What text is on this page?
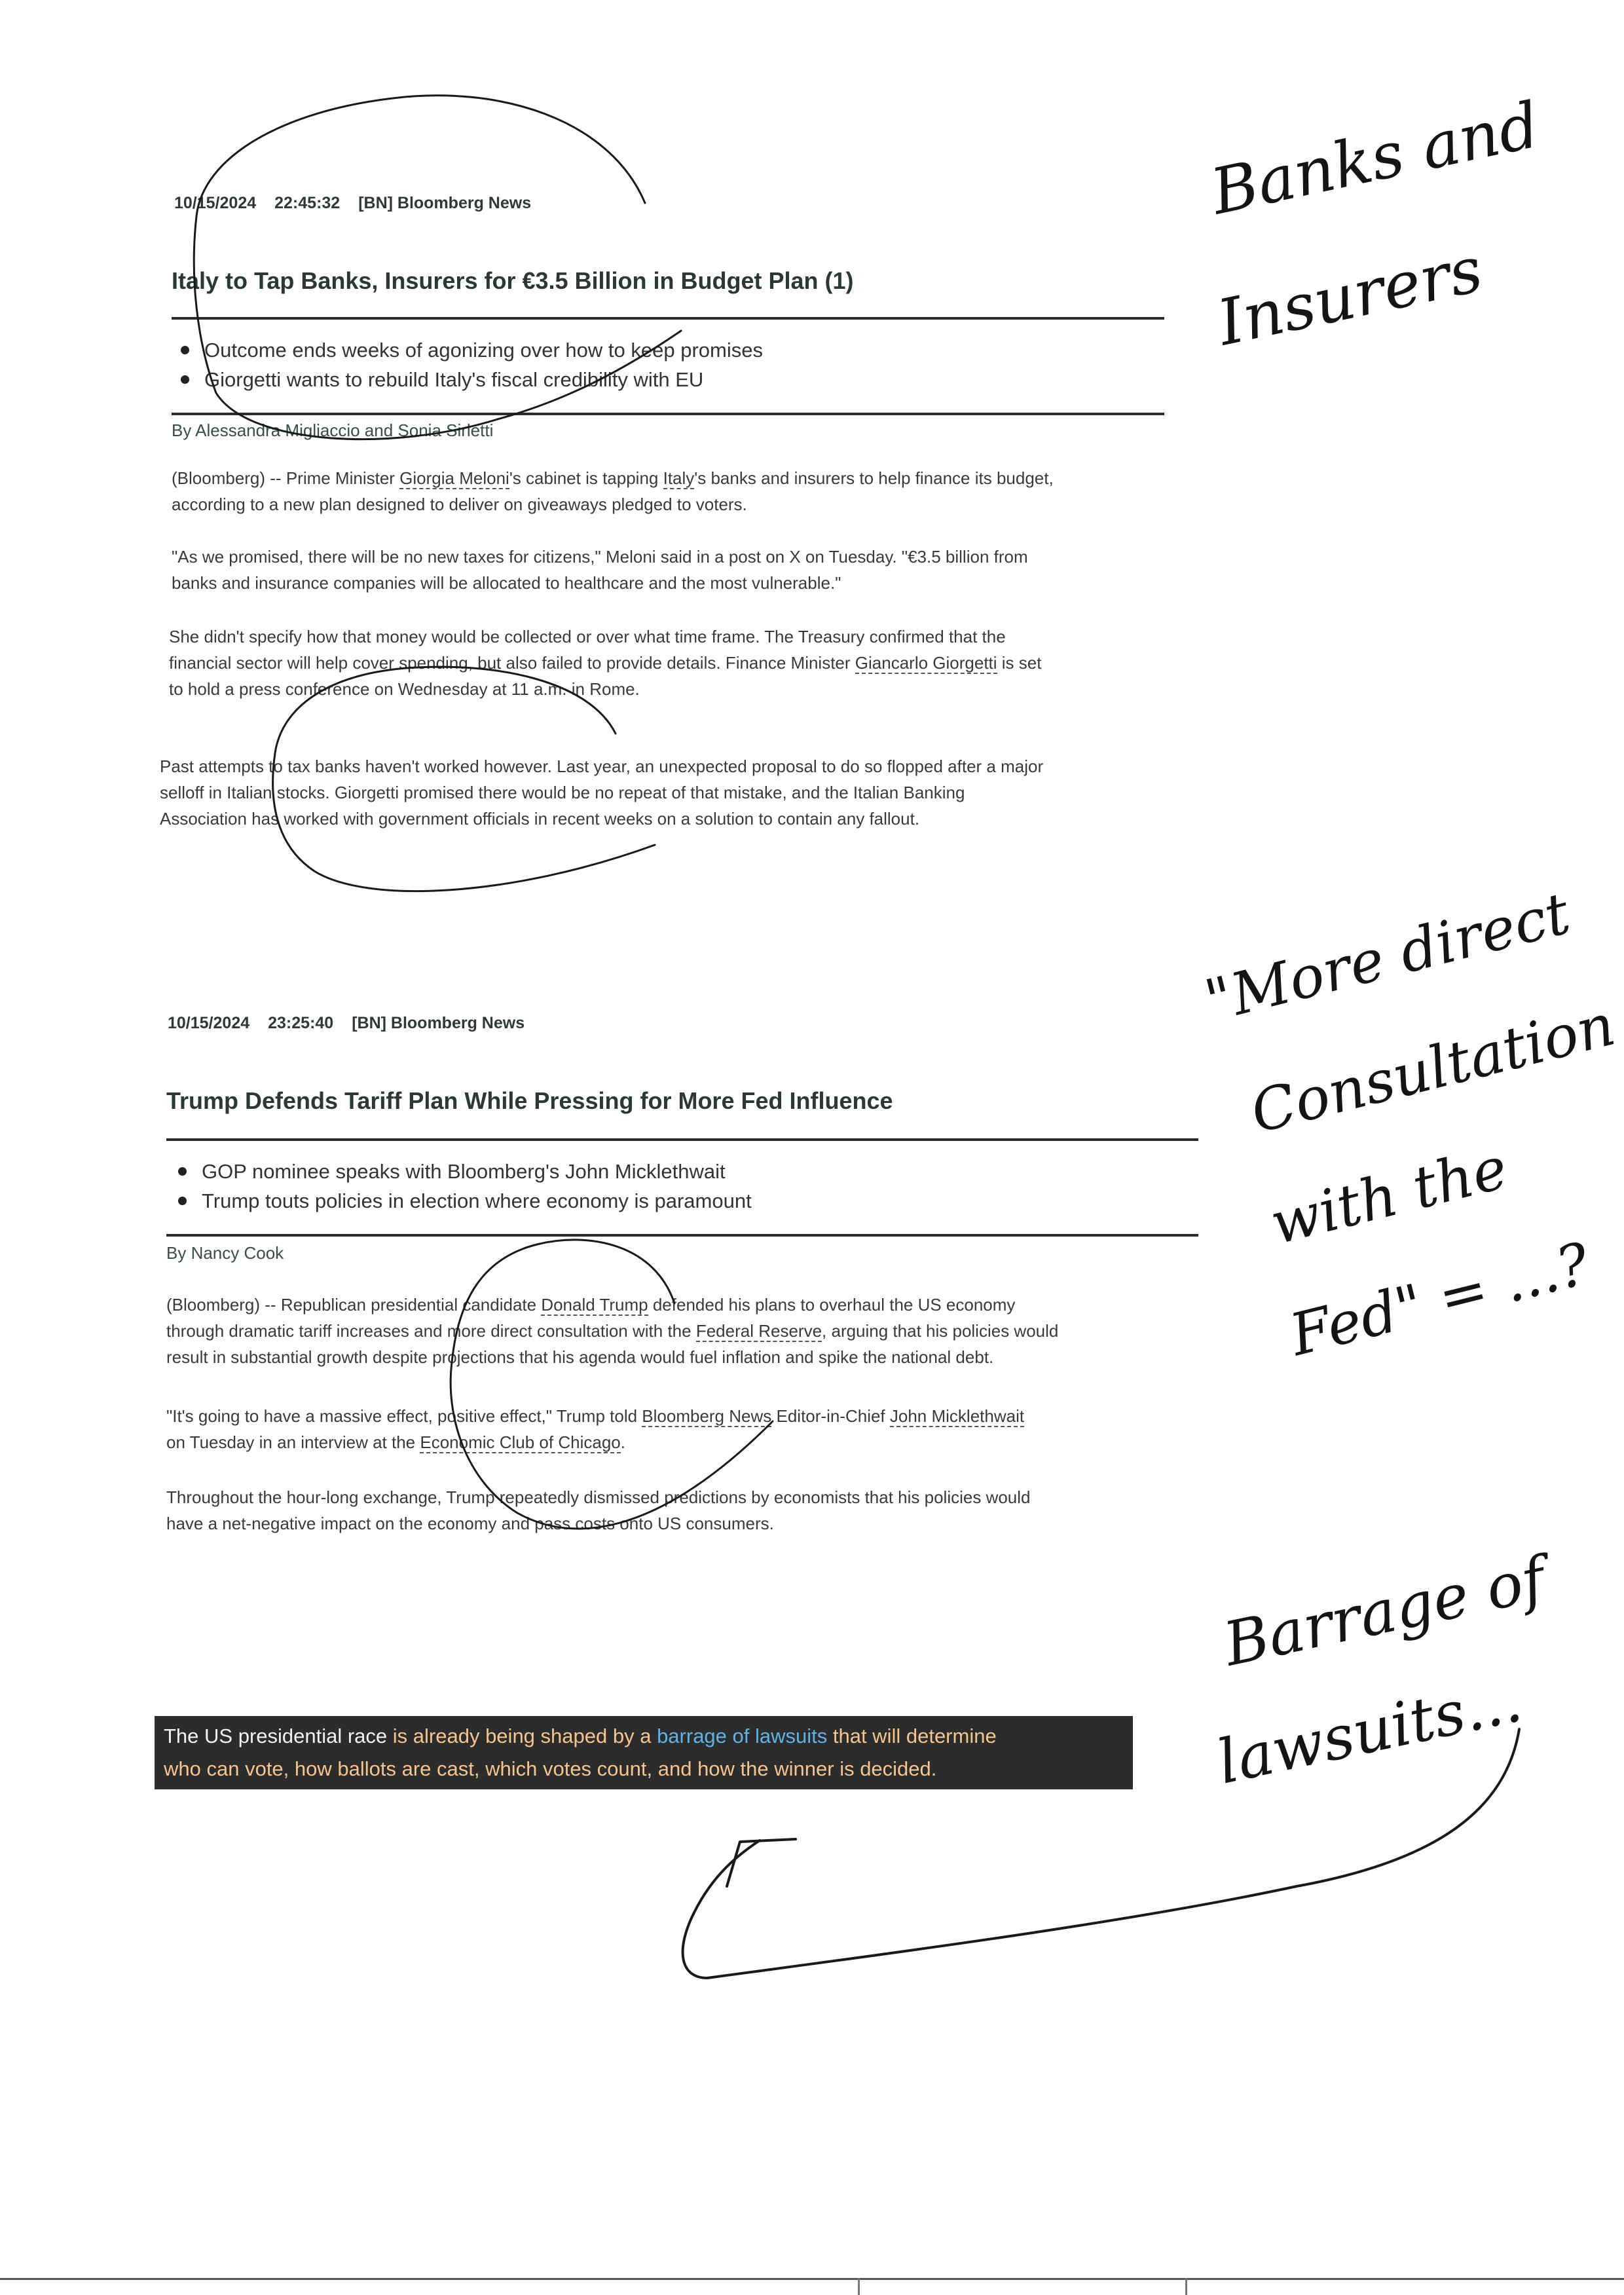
10/15/2024 22:45:32 [BN] Bloomberg News
Italy to Tap Banks, Insurers for €3.5 Billion in Budget Plan (1)
Outcome ends weeks of agonizing over how to keep promises
Giorgetti wants to rebuild Italy's fiscal credibility with EU
By Alessandra Migliaccio and Sonia Sirletti
(Bloomberg) -- Prime Minister Giorgia Meloni's cabinet is tapping Italy's banks and insurers to help finance its budget,
according to a new plan designed to deliver on giveaways pledged to voters.
"As we promised, there will be no new taxes for citizens," Meloni said in a post on X on Tuesday. "€3.5 billion from
banks and insurance companies will be allocated to healthcare and the most vulnerable."
She didn't specify how that money would be collected or over what time frame. The Treasury confirmed that the
financial sector will help cover spending, but also failed to provide details. Finance Minister Giancarlo Giorgetti is set
to hold a press conference on Wednesday at 11 a.m. in Rome.
Past attempts to tax banks haven't worked however. Last year, an unexpected proposal to do so flopped after a major
selloff in Italian stocks. Giorgetti promised there would be no repeat of that mistake, and the Italian Banking
Association has worked with government officials in recent weeks on a solution to contain any fallout.
10/15/2024 23:25:40 [BN] Bloomberg News
Trump Defends Tariff Plan While Pressing for More Fed Influence
GOP nominee speaks with Bloomberg's John Micklethwait
Trump touts policies in election where economy is paramount
By Nancy Cook
(Bloomberg) -- Republican presidential candidate Donald Trump defended his plans to overhaul the US economy
through dramatic tariff increases and more direct consultation with the Federal Reserve, arguing that his policies would
result in substantial growth despite projections that his agenda would fuel inflation and spike the national debt.
"It's going to have a massive effect, positive effect," Trump told Bloomberg News Editor-in-Chief John Micklethwait
on Tuesday in an interview at the Economic Club of Chicago.
Throughout the hour-long exchange, Trump repeatedly dismissed predictions by economists that his policies would
have a net-negative impact on the economy and pass costs onto US consumers.
The US presidential race is already being shaped by a barrage of lawsuits that will determine
who can vote, how ballots are cast, which votes count, and how the winner is decided.
Banks and
Insurers
"More direct
Consultation
with the
Fed" = ...?
Barrage of
lawsuits...
